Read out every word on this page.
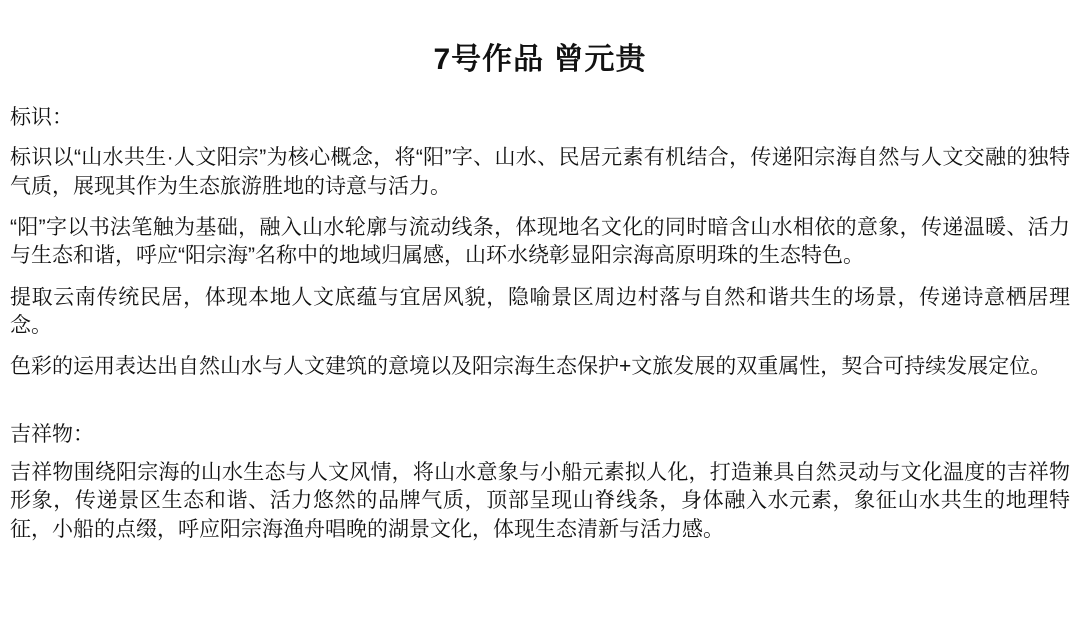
7号作品 曾元贵
标识：

标识以“山水共生·人文阳宗”为核心概念，将“阳”字、山水、民居元素有机结合，传递阳宗海自然与人文交融的独特气质，展现其作为生态旅游胜地的诗意与活力。

“阳”字以书法笔触为基础，融入山水轮廓与流动线条，体现地名文化的同时暗含山水相依的意象，传递温暖、活力与生态和谐，呼应“阳宗海”名称中的地域归属感，山环水绕彰显阳宗海高原明珠的生态特色。

提取云南传统民居，体现本地人文底蕴与宜居风貌，隐喻景区周边村落与自然和谐共生的场景，传递诗意栖居理念。

色彩的运用表达出自然山水与人文建筑的意境以及阳宗海生态保护+文旅发展的双重属性，契合可持续发展定位。

吉祥物：

吉祥物围绕阳宗海的山水生态与人文风情，将山水意象与小船元素拟人化，打造兼具自然灵动与文化温度的吉祥物形象，传递景区生态和谐、活力悠然的品牌气质，顶部呈现山脊线条，身体融入水元素，象征山水共生的地理特征，小船的点缀，呼应阳宗海渔舟唱晚的湖景文化，体现生态清新与活力感。
